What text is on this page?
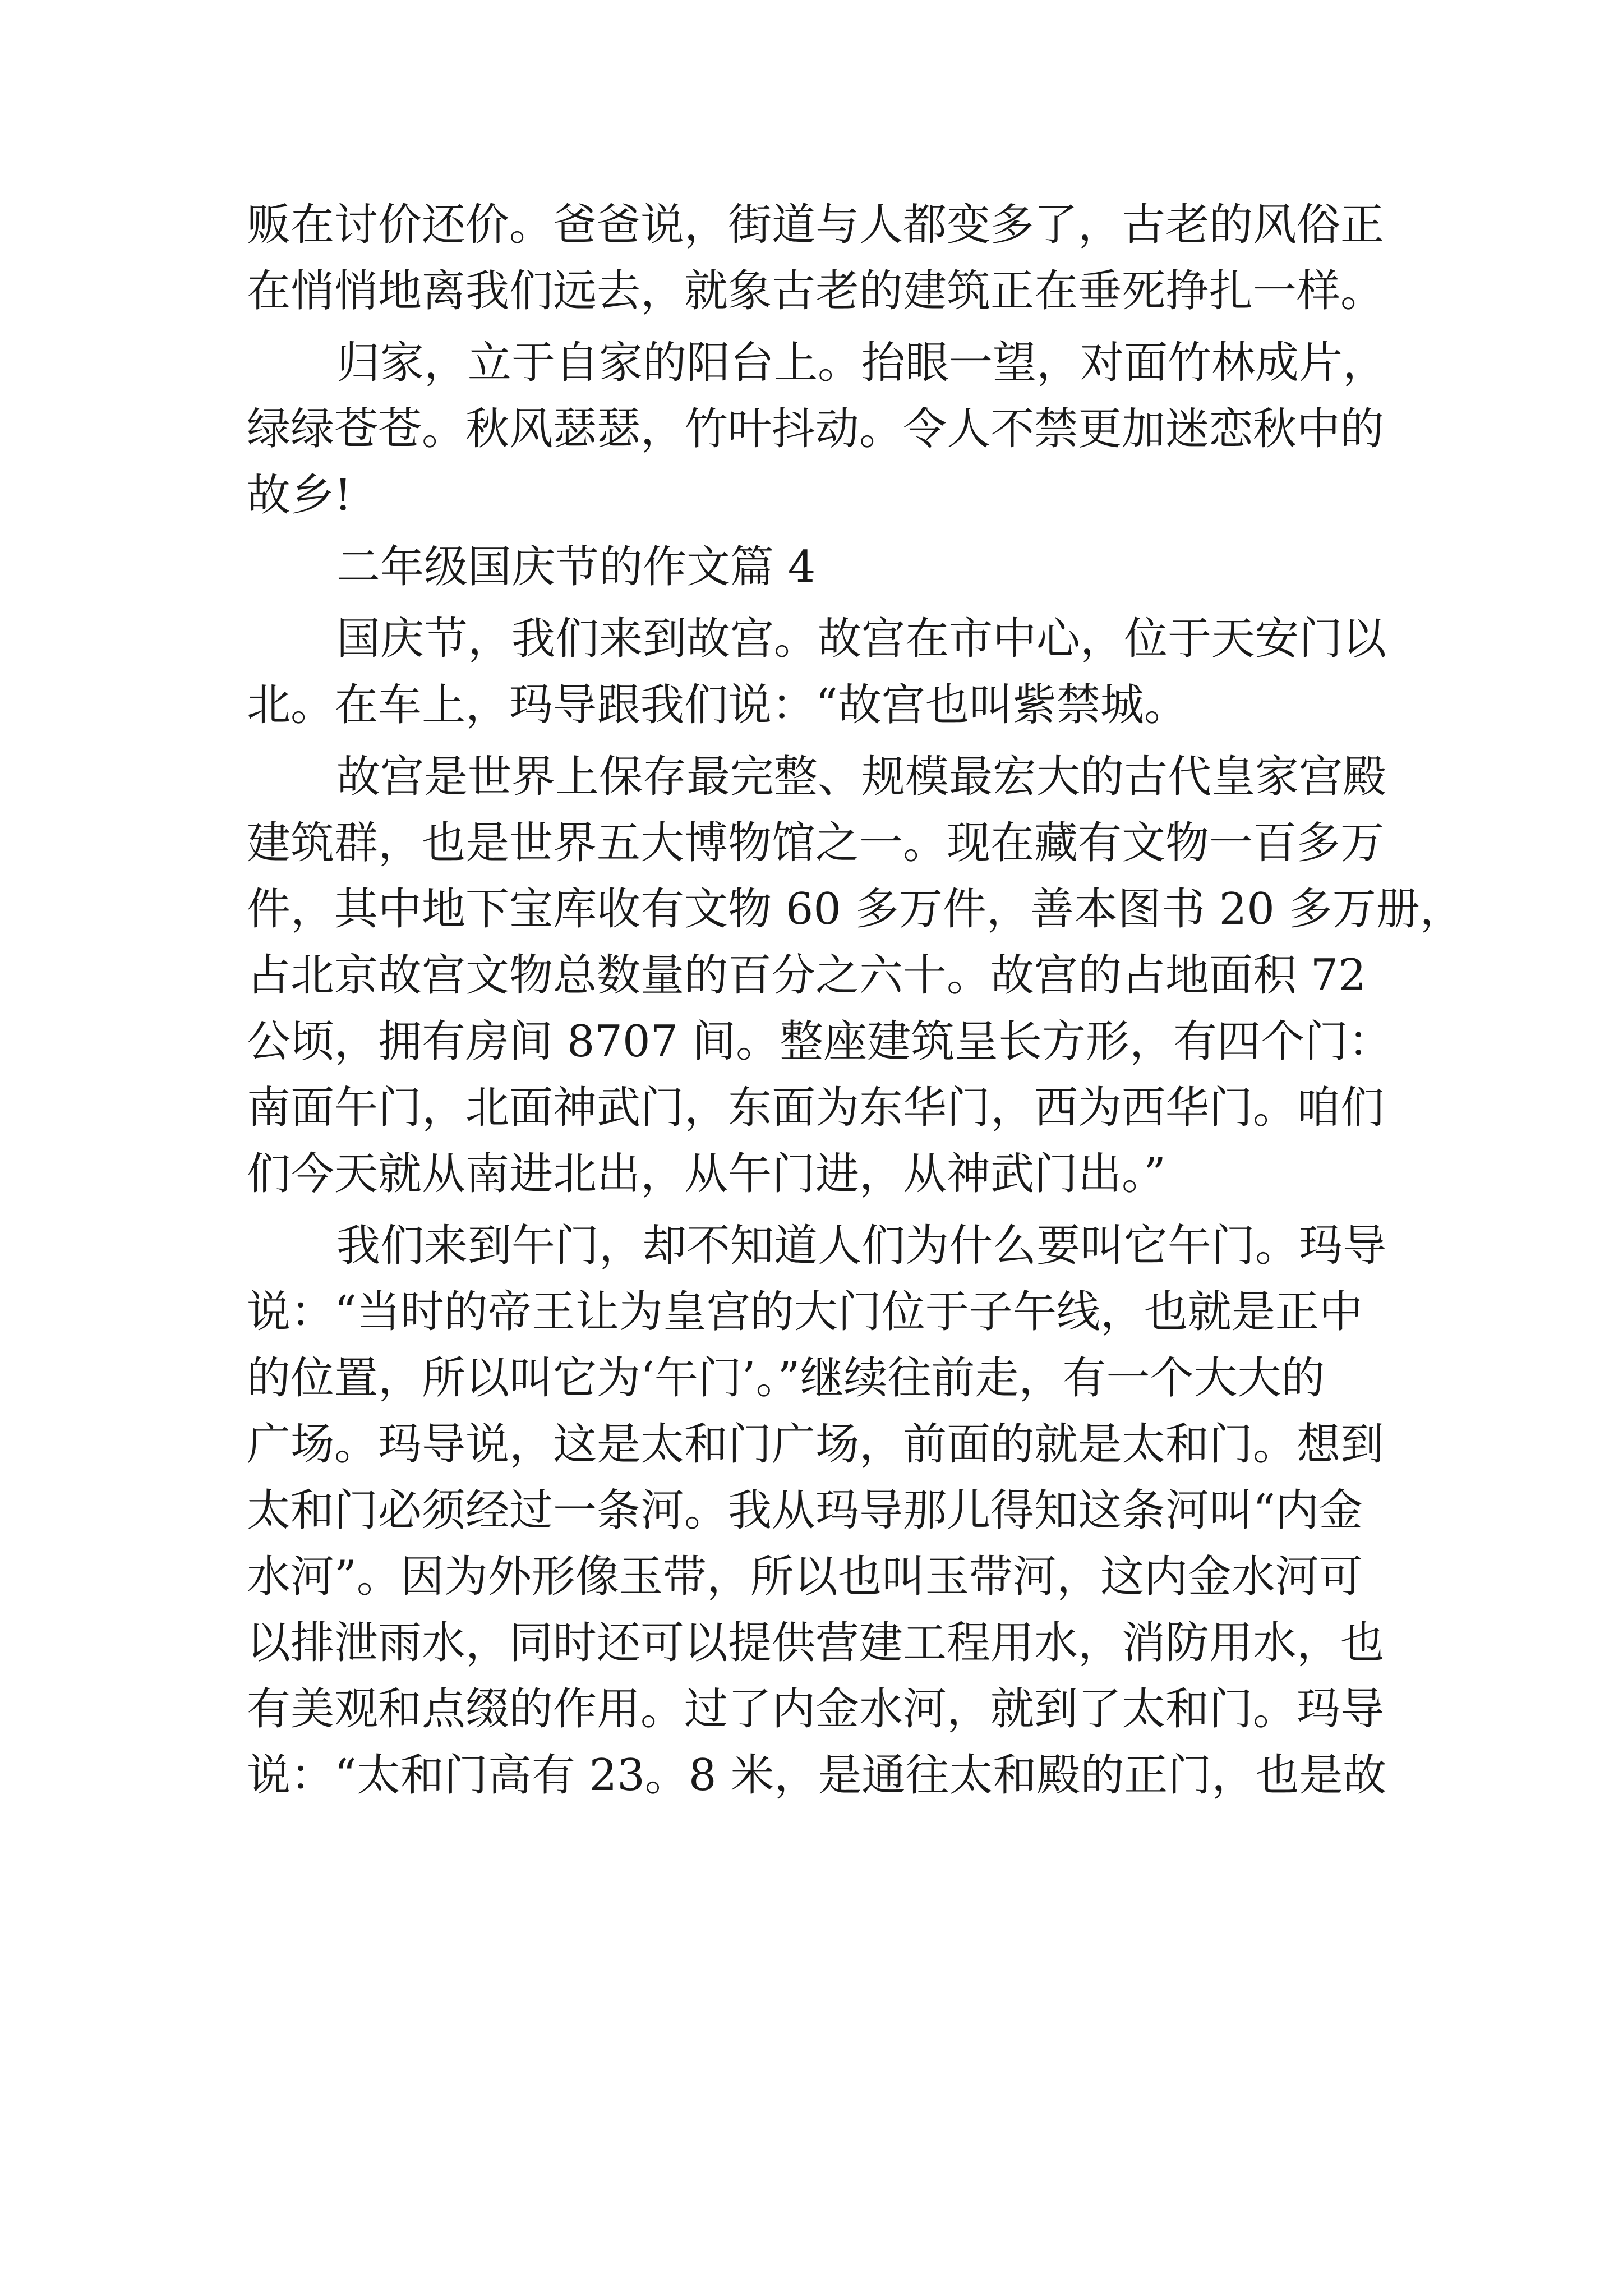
贩在讨价还价。爸爸说，街道与人都变多了，古老的风俗正
在悄悄地离我们远去，就象古老的建筑正在垂死挣扎一样。
归家，立于自家的阳台上。抬眼一望，对面竹林成片，
绿绿苍苍。秋风瑟瑟，竹叶抖动。令人不禁更加迷恋秋中的
故乡!
二年级国庆节的作文篇 4
国庆节，我们来到故宫。故宫在市中心，位于天安门以
北。在车上，玛导跟我们说：“故宫也叫紫禁城。
故宫是世界上保存最完整、规模最宏大的古代皇家宫殿
建筑群，也是世界五大博物馆之一。现在藏有文物一百多万
件，其中地下宝库收有文物 60 多万件，善本图书 20 多万册，
占北京故宫文物总数量的百分之六十。故宫的占地面积 72
公顷，拥有房间 8707 间。整座建筑呈长方形，有四个门：
南面午门，北面神武门，东面为东华门，西为西华门。咱们
们今天就从南进北出，从午门进，从神武门出。”
我们来到午门，却不知道人们为什么要叫它午门。玛导
说：“当时的帝王让为皇宫的大门位于子午线，也就是正中
的位置，所以叫它为‘午门’。”继续往前走，有一个大大的
广场。玛导说，这是太和门广场，前面的就是太和门。想到
太和门必须经过一条河。我从玛导那儿得知这条河叫“内金
水河”。因为外形像玉带，所以也叫玉带河，这内金水河可
以排泄雨水，同时还可以提供营建工程用水，消防用水，也
有美观和点缀的作用。过了内金水河，就到了太和门。玛导
说：“太和门高有 23。8 米，是通往太和殿的正门，也是故
